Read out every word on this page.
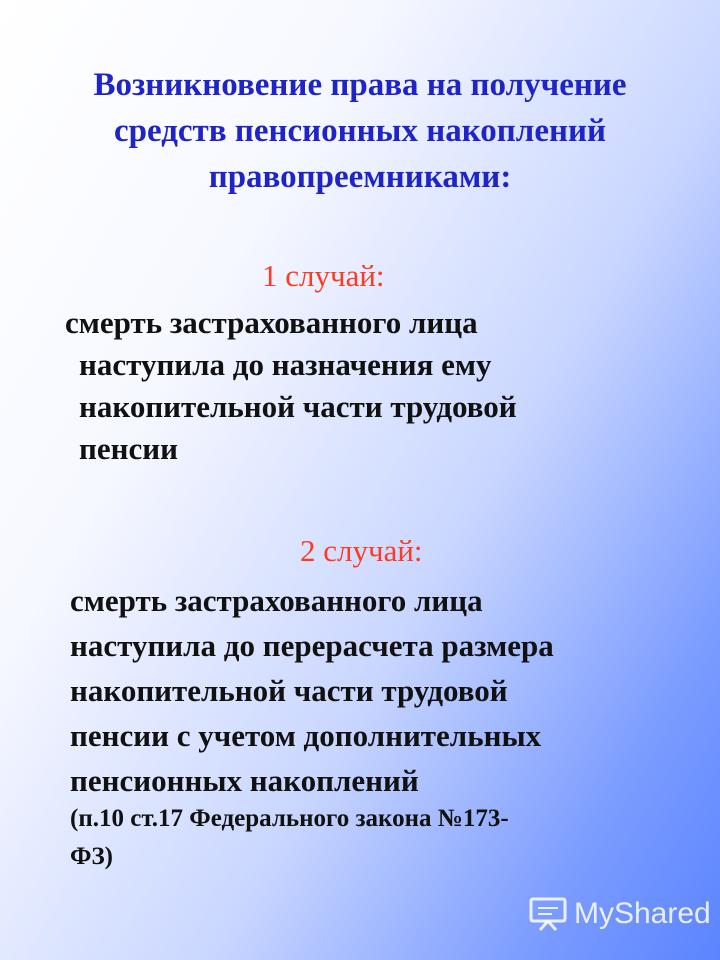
Возникновение права на получение
средств пенсионных накоплений
правопреемниками:
1 случай:
смерть застрахованного лица
наступила до назначения ему
накопительной части трудовой
пенсии
2 случай:
смерть застрахованного лица
наступила до перерасчета размера
накопительной части трудовой
пенсии с учетом дополнительных
пенсионных накоплений
(п.10 ст.17 Федерального закона №173-
ФЗ)
MyShared
